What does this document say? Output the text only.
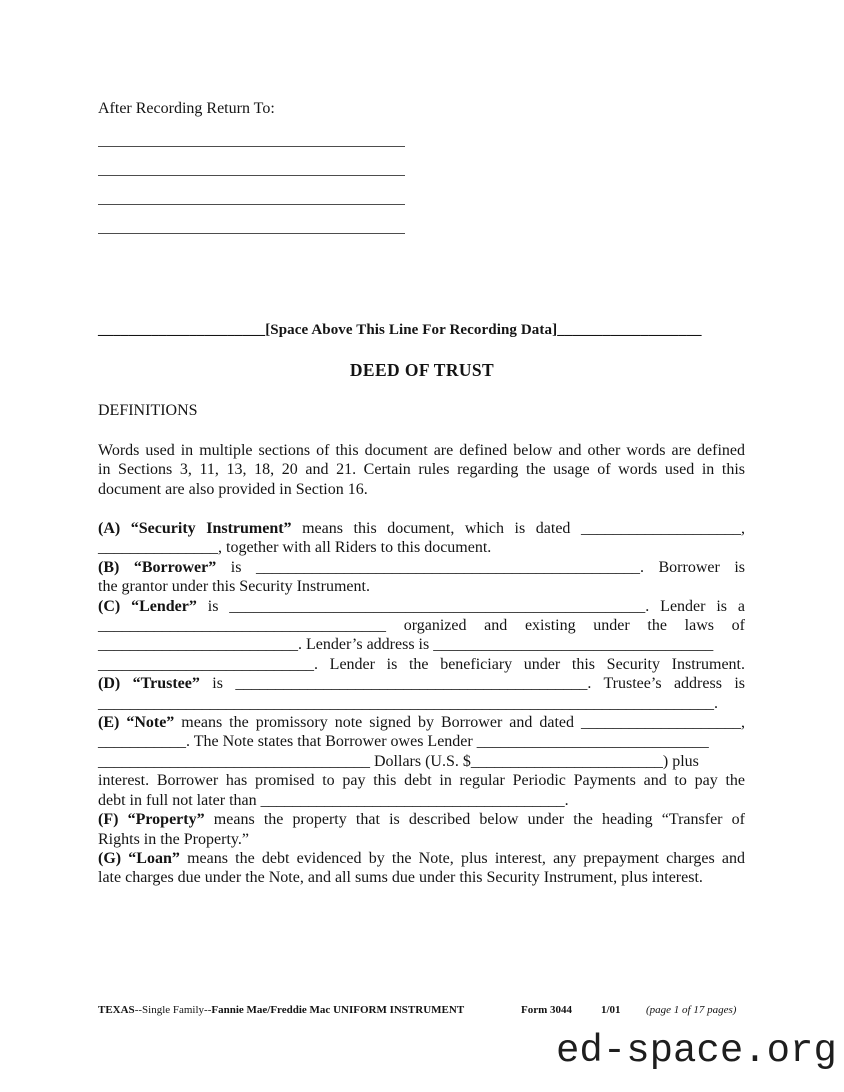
After Recording Return To:
______________________[Space Above This Line For Recording Data]___________________
DEED OF TRUST
DEFINITIONS
Words used in multiple sections of this document are defined below and other words are defined
in Sections 3, 11, 13, 18, 20 and 21. Certain rules regarding the usage of words used in this
document are also provided in Section 16.
(A) “Security Instrument” means this document, which is dated ____________________,
_______________, together with all Riders to this document.
(B) “Borrower” is ________________________________________________. Borrower is
the grantor under this Security Instrument.
(C) “Lender” is ____________________________________________________. Lender is a
____________________________________ organized and existing under the laws of
_________________________. Lender’s address is ___________________________________
___________________________. Lender is the beneficiary under this Security Instrument.
(D) “Trustee” is ____________________________________________. Trustee’s address is
_____________________________________________________________________________.
(E) “Note” means the promissory note signed by Borrower and dated ____________________,
___________. The Note states that Borrower owes Lender _____________________________
__________________________________ Dollars (U.S. $________________________) plus
interest. Borrower has promised to pay this debt in regular Periodic Payments and to pay the
debt in full not later than ______________________________________.
(F) “Property” means the property that is described below under the heading “Transfer of
Rights in the Property.”
(G) “Loan” means the debt evidenced by the Note, plus interest, any prepayment charges and
late charges due under the Note, and all sums due under this Security Instrument, plus interest.
TEXAS--Single Family--Fannie Mae/Freddie Mac UNIFORM INSTRUMENT	Form 3044	1/01 (page 1 of 17 pages)
ed-space.org
